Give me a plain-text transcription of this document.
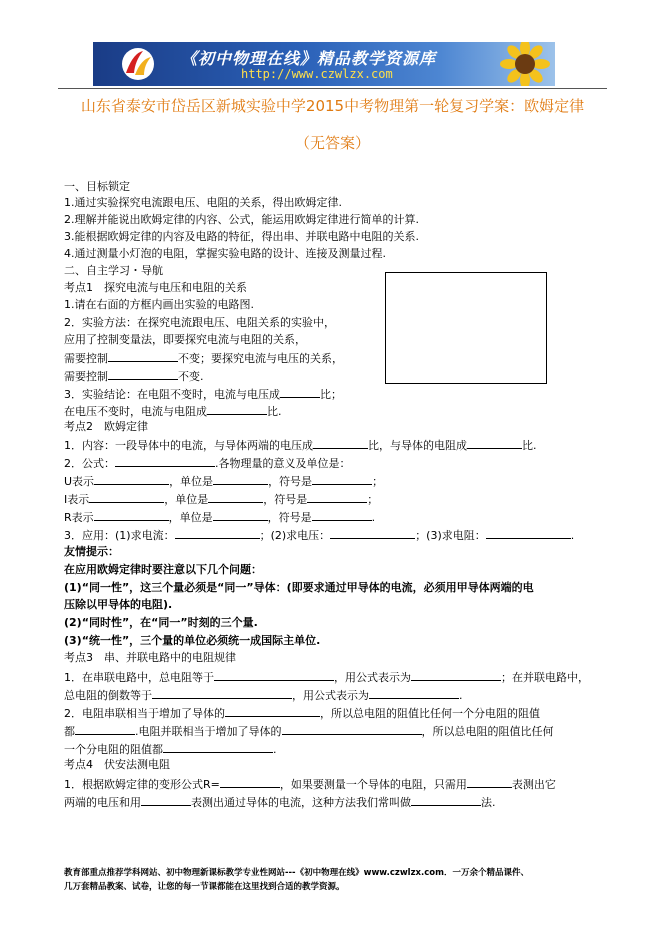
《初中物理在线》精品教学资源库
http://www.czwlzx.com
山东省泰安市岱岳区新城实验中学2015中考物理第一轮复习学案：欧姆定律
（无答案）
一、目标锁定
1.通过实验探究电流跟电压、电阻的关系，得出欧姆定律.
2.理解并能说出欧姆定律的内容、公式，能运用欧姆定律进行简单的计算.
3.能根据欧姆定律的内容及电路的特征，得出串、并联电路中电阻的关系.
4.通过测量小灯泡的电阻，掌握实验电路的设计、连接及测量过程.
二、自主学习・导航
考点1　探究电流与电压和电阻的关系
1.请在右面的方框内画出实验的电路图.
2．实验方法：在探究电流跟电压、电阻关系的实验中，
应用了控制变量法，即要探究电流与电阻的关系，
需要控制	不变；要探究电流与电压的关系，
需要控制	不变.
3．实验结论：在电阻不变时，电流与电压成	比；
在电压不变时，电流与电阻成	比.
考点2　欧姆定律
1．内容：一段导体中的电流，与导体两端的电压成	比，与导体的电阻成	比.
2．公式：	.各物理量的意义及单位是：
U表示	，单位是	，符号是	；
I表示	，单位是	，符号是	；
R表示	，单位是	，符号是	.
3．应用：(1)求电流：	；(2)求电压：	；(3)求电阻：	.
友情提示：
在应用欧姆定律时要注意以下几个问题：
(1)“同一性”，这三个量必须是“同一”导体：(即要求通过甲导体的电流，必须用甲导体两端的电
压除以甲导体的电阻).
(2)“同时性”，在“同一”时刻的三个量.
(3)“统一性”，三个量的单位必须统一成国际主单位.
考点3　串、并联电路中的电阻规律
1．在串联电路中，总电阻等于	，用公式表示为	；在并联电路中，
总电阻的倒数等于	，用公式表示为	.
2．电阻串联相当于增加了导体的	，所以总电阻的阻值比任何一个分电阻的阻值
都	.电阻并联相当于增加了导体的	，所以总电阻的阻值比任何
一个分电阻的阻值都	.
考点4　伏安法测电阻
1．根据欧姆定律的变形公式R=	，如果要测量一个导体的电阻，只需用	表测出它
两端的电压和用	表测出通过导体的电流，这种方法我们常叫做	法.
教育部重点推荐学科网站、初中物理新课标教学专业性网站---《初中物理在线》www.czwlzx.com．一万余个精品课件、
几万套精品教案、试卷，让您的每一节课都能在这里找到合适的教学资源。
